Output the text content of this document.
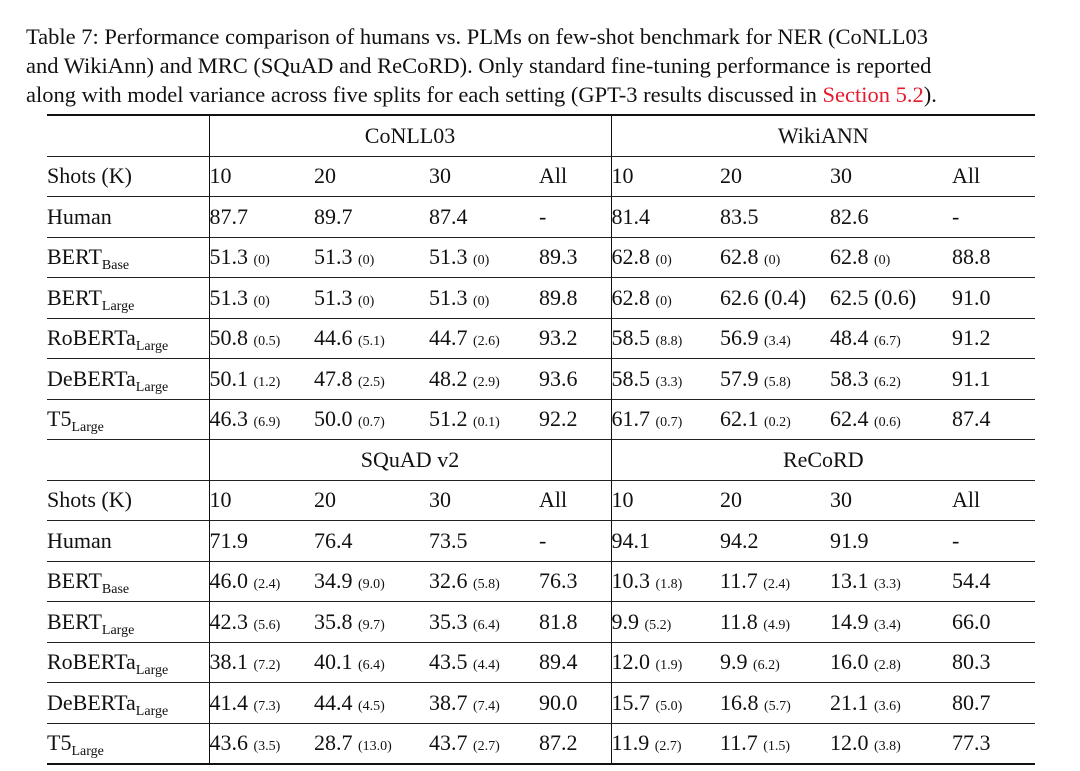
Table 7: Performance comparison of humans vs. PLMs on few-shot benchmark for NER (CoNLL03
and WikiAnn) and MRC (SQuAD and ReCoRD). Only standard fine-tuning performance is reported
along with model variance across five splits for each setting (GPT-3 results discussed in Section 5.2).
	CoNLL03				WikiANN			
Shots (K)	10	20	30	All	10	20	30	All
Human	87.7	89.7	87.4	-	81.4	83.5	82.6	-
$BERT_{Base}$	51.3 (0)	51.3 (0)	51.3 (0)	89.3	62.8 (0)	62.8 (0)	62.8 (0)	88.8
$BERT_{Large}$	51.3 (0)	51.3 (0)	51.3 (0)	89.8	62.8 (0)	62.6 (0.4)	62.5 (0.6)	91.0
RoBERTa$_{Large}$	50.8 (0.5)	44.6 (5.1)	44.7 (2.6)	93.2	58.5 (8.8)	56.9 (3.4)	48.4 (6.7)	91.2
DeBERTa$_{Large}$	50.1 (1.2)	47.8 (2.5)	48.2 (2.9)	93.6	58.5 (3.3)	57.9 (5.8)	58.3 (6.2)	91.1
$T5_{Large}$	46.3 (6.9)	50.0 (0.7)	51.2 (0.1)	92.2	61.7 (0.7)	62.1 (0.2)	62.4 (0.6)	87.4
	SQuAD v2				ReCoRD			
Shots (K)	10	20	30	All	10	20	30	All
Human	71.9	76.4	73.5	-	94.1	94.2	91.9	-
$BERT_{Base}$	46.0 (2.4)	34.9 (9.0)	32.6 (5.8)	76.3	10.3 (1.8)	11.7 (2.4)	13.1 (3.3)	54.4
$BERT_{Large}$	42.3 (5.6)	35.8 (9.7)	35.3 (6.4)	81.8	9.9 (5.2)	11.8 (4.9)	14.9 (3.4)	66.0
RoBERTa$_{Large}$	38.1 (7.2)	40.1 (6.4)	43.5 (4.4)	89.4	12.0 (1.9)	9.9 (6.2)	16.0 (2.8)	80.3
DeBERTa$_{Large}$	41.4 (7.3)	44.4 (4.5)	38.7 (7.4)	90.0	15.7 (5.0)	16.8 (5.7)	21.1 (3.6)	80.7
$T5_{Large}$	43.6 (3.5)	28.7 (13.0)	43.7 (2.7)	87.2	11.9 (2.7)	11.7 (1.5)	12.0 (3.8)	77.3
